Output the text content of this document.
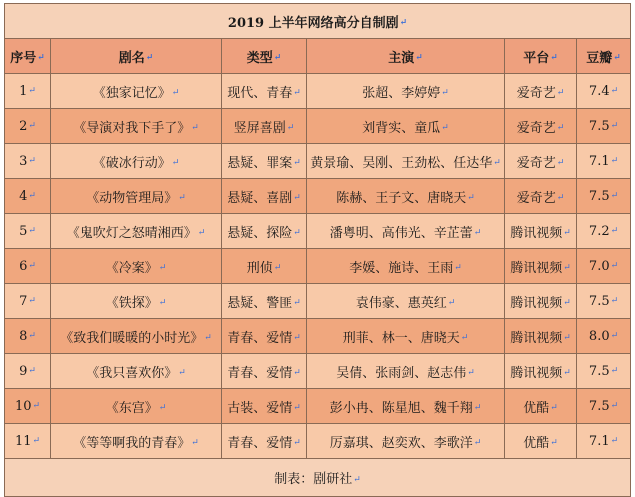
2019 上半年网络高分自制剧↵					
序号↵	剧名↵	类型↵	主演↵	平台↵	豆瓣↵
1↵	《独家记忆》↵	现代、青春↵	张超、李婷婷↵	爱奇艺↵	7.4↵
2↵	《导演对我下手了》↵	竖屏喜剧↵	刘背实、童瓜↵	爱奇艺↵	7.5↵
3↵	《破冰行动》↵	悬疑、罪案↵	黄景瑜、吴刚、王劲松、任达华↵	爱奇艺↵	7.1↵
4↵	《动物管理局》↵	悬疑、喜剧↵	陈赫、王子文、唐晓天↵	爱奇艺↵	7.5↵
5↵	《鬼吹灯之怒晴湘西》↵	悬疑、探险↵	潘粤明、高伟光、辛芷蕾↵	腾讯视频↵	7.2↵
6↵	《冷案》↵	刑侦↵	李媛、施诗、王雨↵	腾讯视频↵	7.0↵
7↵	《铁探》↵	悬疑、警匪↵	袁伟豪、惠英红↵	腾讯视频↵	7.5↵
8↵	《致我们暖暖的小时光》↵	青春、爱情↵	刑菲、林一、唐晓天↵	腾讯视频↵	8.0↵
9↵	《我只喜欢你》↵	青春、爱情↵	吴倩、张雨剑、赵志伟↵	腾讯视频↵	7.5↵
10↵	《东宫》↵	古装、爱情↵	彭小冉、陈星旭、魏千翔↵	优酷↵	7.5↵
11↵	《等等啊我的青春》↵	青春、爱情↵	厉嘉琪、赵奕欢、李歌洋↵	优酷↵	7.1↵
制表：剧研社↵					
